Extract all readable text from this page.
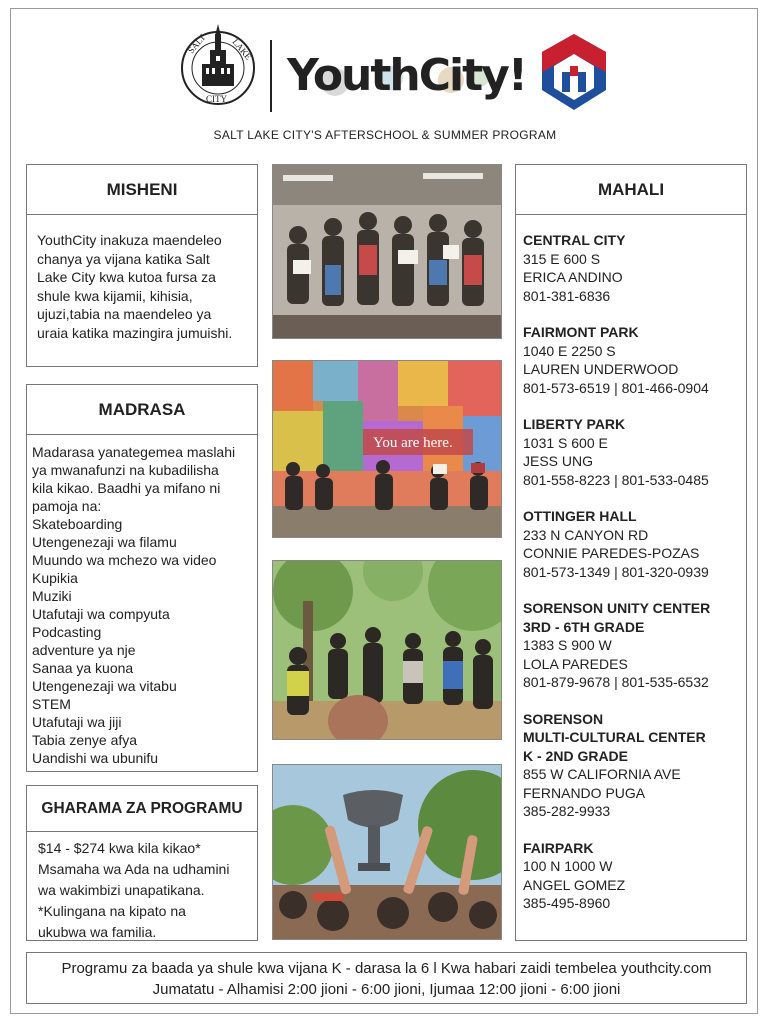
SALT	LAKE
CITY YouthCity!
SALT LAKE CITY'S AFTERSCHOOL & SUMMER PROGRAM
MISHENI
YouthCity inakuza maendeleo
chanya ya vijana katika Salt
Lake City kwa kutoa fursa za
shule kwa kijamii, kihisia,
ujuzi,tabia na maendeleo ya
uraia katika mazingira jumuishi.
MADRASA
Madarasa yanategemea maslahi
ya mwanafunzi na kubadilisha
kila kikao. Baadhi ya mifano ni
pamoja na:
Skateboarding
Utengenezaji wa filamu
Muundo wa mchezo wa video
Kupikia
Muziki
Utafutaji wa compyuta
Podcasting
adventure ya nje
Sanaa ya kuona
Utengenezaji wa vitabu
STEM
Utafutaji wa jiji
Tabia zenye afya
Uandishi wa ubunifu
GHARAMA ZA PROGRAMU
$14 - $274 kwa kila kikao*
Msamaha wa Ada na udhamini
wa wakimbizi unapatikana.
*Kulingana na kipato na
ukubwa wa familia.
You are here.
MAHALI
CENTRAL CITY
315 E 600 S
ERICA ANDINO
801-381-6836
FAIRMONT PARK
1040 E 2250 S
LAUREN UNDERWOOD
801-573-6519 | 801-466-0904
LIBERTY PARK
1031 S 600 E
JESS UNG
801-558-8223 | 801-533-0485
OTTINGER HALL
233 N CANYON RD
CONNIE PAREDES-POZAS
801-573-1349 | 801-320-0939
SORENSON UNITY CENTER
3RD - 6TH GRADE
1383 S 900 W
LOLA PAREDES
801-879-9678 | 801-535-6532
SORENSON
MULTI-CULTURAL CENTER
K - 2ND GRADE
855 W CALIFORNIA AVE
FERNANDO PUGA
385-282-9933
FAIRPARK
100 N 1000 W
ANGEL GOMEZ
385-495-8960
Programu za baada ya shule kwa vijana K - darasa la 6 l Kwa habari zaidi tembelea youthcity.com
Jumatatu - Alhamisi 2:00 jioni - 6:00 jioni, Ijumaa 12:00 jioni - 6:00 jioni
